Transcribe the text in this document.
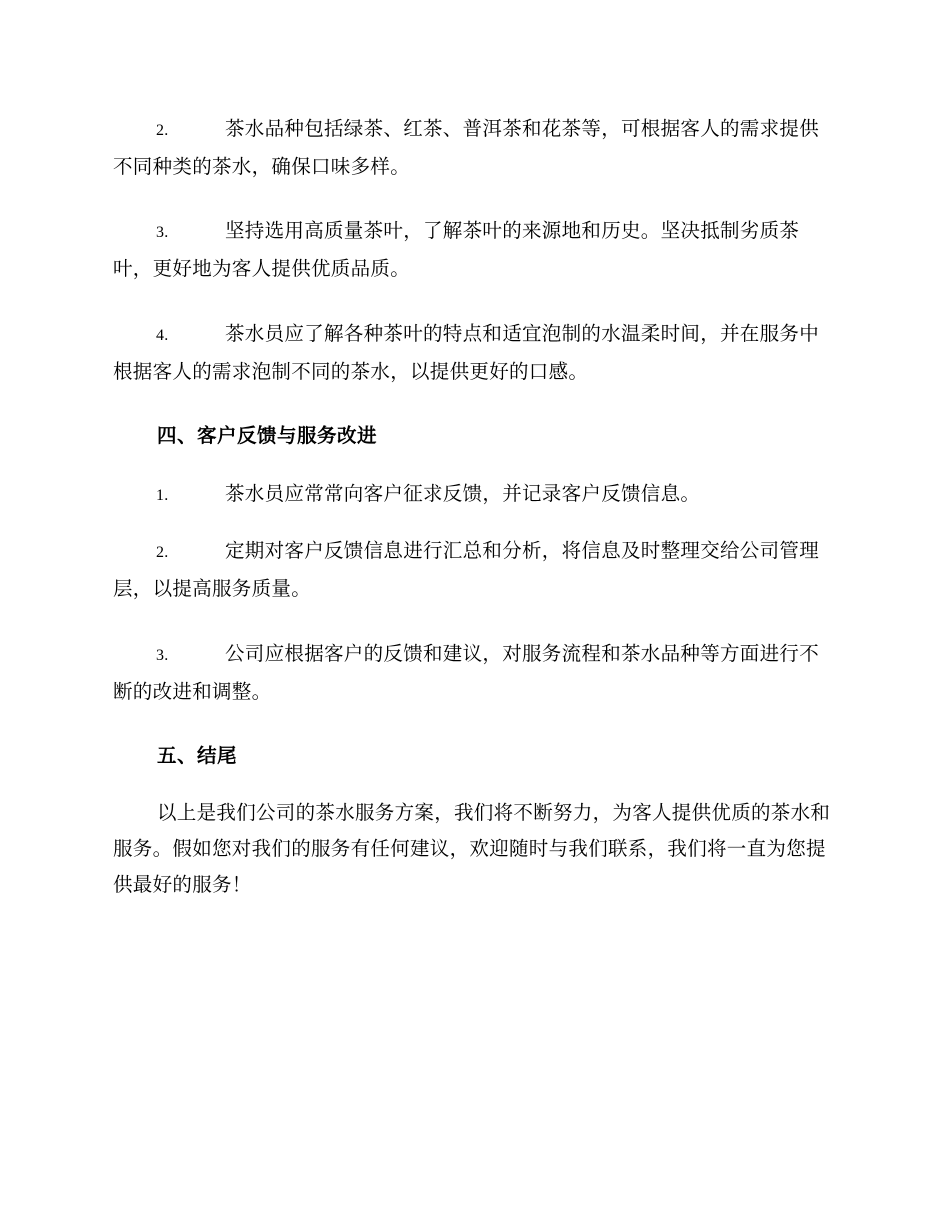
2.	茶水品种包括绿茶、红茶、普洱茶和花茶等，可根据客人的需求提供不同种类的茶水，确保口味多样。

3.	坚持选用高质量茶叶，了解茶叶的来源地和历史。坚决抵制劣质茶叶，更好地为客人提供优质品质。

4.	茶水员应了解各种茶叶的特点和适宜泡制的水温柔时间，并在服务中根据客人的需求泡制不同的茶水，以提供更好的口感。

四、客户反馈与服务改进

1.	茶水员应常常向客户征求反馈，并记录客户反馈信息。

2.	定期对客户反馈信息进行汇总和分析，将信息及时整理交给公司管理层，以提高服务质量。

3.	公司应根据客户的反馈和建议，对服务流程和茶水品种等方面进行不断的改进和调整。

五、结尾

以上是我们公司的茶水服务方案，我们将不断努力，为客人提供优质的茶水和服务。假如您对我们的服务有任何建议，欢迎随时与我们联系，我们将一直为您提供最好的服务！
